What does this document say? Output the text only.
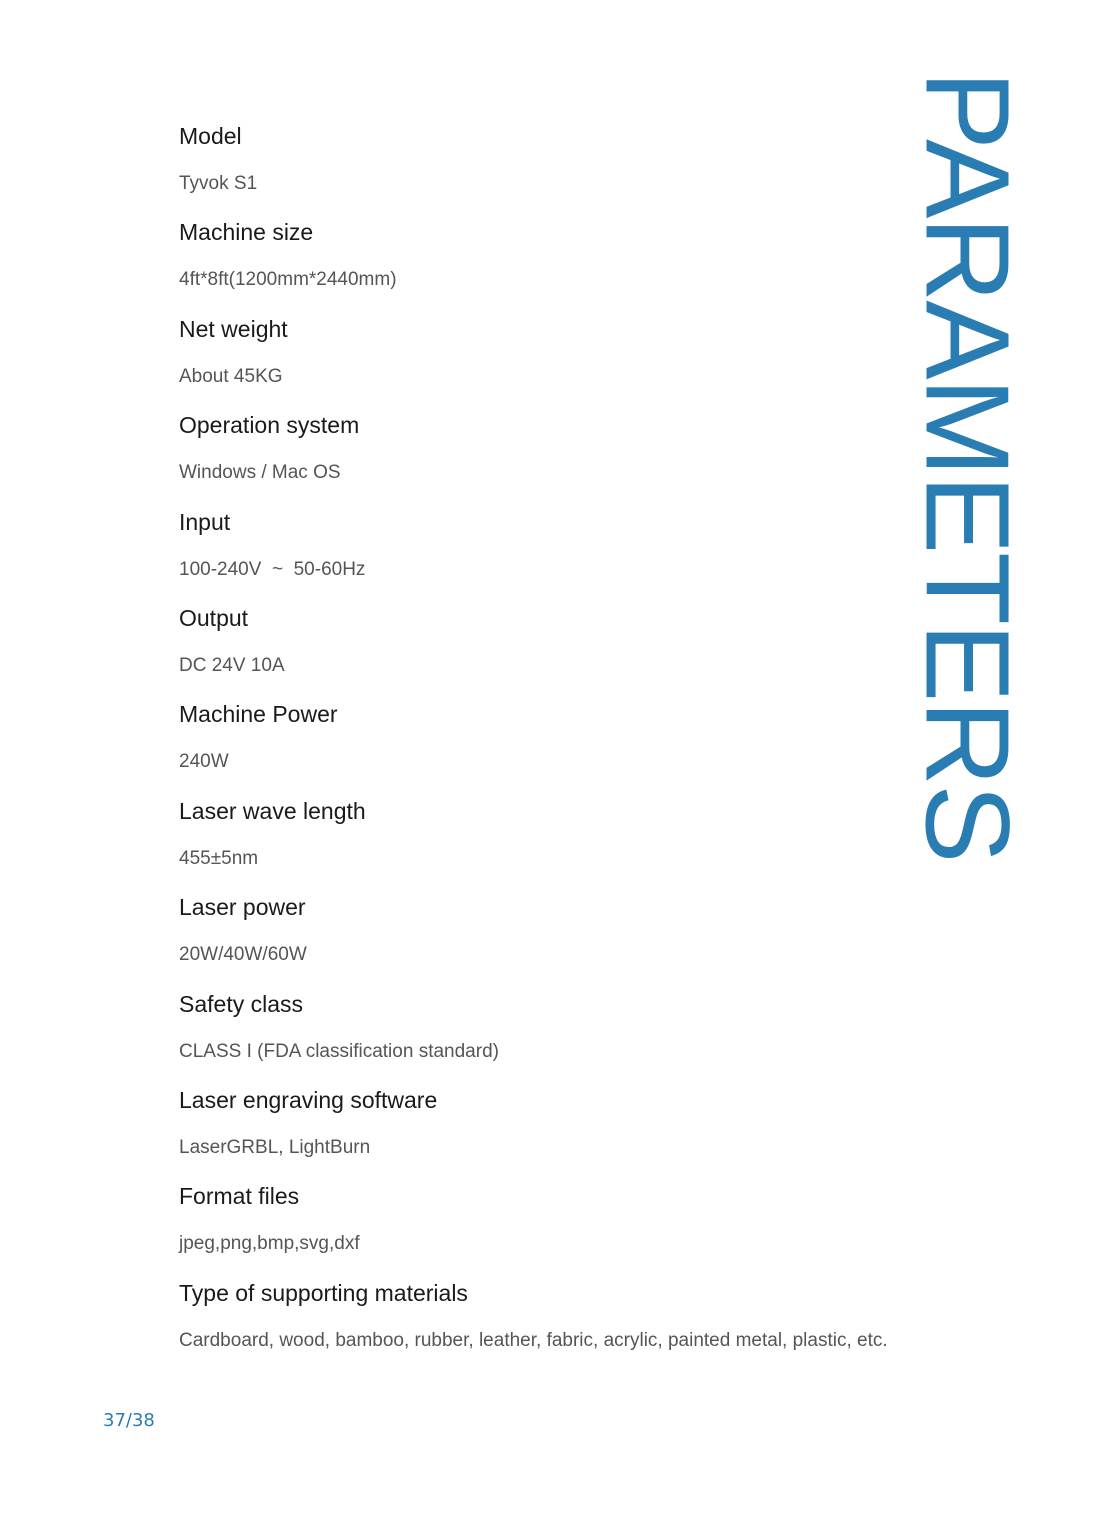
Model
Tyvok S1
Machine size
4ft*8ft(1200mm*2440mm)
Net weight
About 45KG
Operation system
Windows / Mac OS
Input
100-240V  ~  50-60Hz
Output
DC 24V 10A
Machine Power
240W
Laser wave length
455±5nm
Laser power
20W/40W/60W
Safety class
CLASS I (FDA classification standard)
Laser engraving software
LaserGRBL, LightBurn
Format files
jpeg,png,bmp,svg,dxf
Type of supporting materials
Cardboard, wood, bamboo, rubber, leather, fabric, acrylic, painted metal, plastic, etc.
PARAMETERS
37/38
